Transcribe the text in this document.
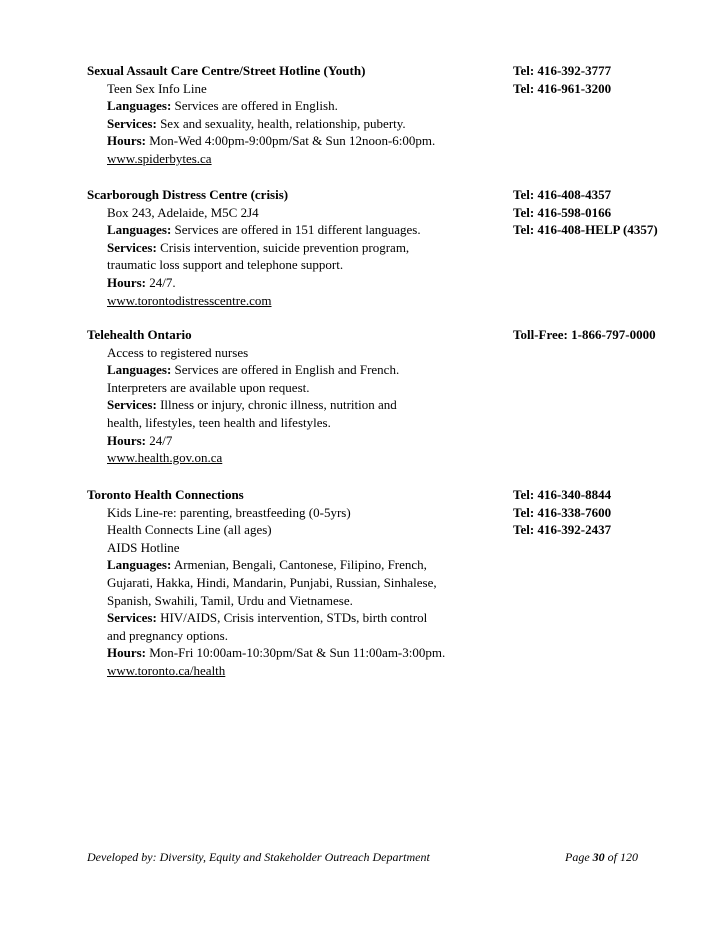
Sexual Assault Care Centre/Street Hotline (Youth)	Tel: 416-392-3777
Teen Sex Info Line	Tel: 416-961-3200
Languages: Services are offered in English.
Services: Sex and sexuality, health, relationship, puberty.
Hours: Mon-Wed 4:00pm-9:00pm/Sat & Sun 12noon-6:00pm.
www.spiderbytes.ca
Scarborough Distress Centre (crisis)	Tel: 416-408-4357
Box 243, Adelaide, M5C 2J4	Tel: 416-598-0166
Languages: Services are offered in 151 different languages.	Tel: 416-408-HELP (4357)
Services: Crisis intervention, suicide prevention program,
traumatic loss support and telephone support.
Hours: 24/7.
www.torontodistresscentre.com
Telehealth Ontario	Toll-Free: 1-866-797-0000
Access to registered nurses
Languages: Services are offered in English and French.
Interpreters are available upon request.
Services: Illness or injury, chronic illness, nutrition and
health, lifestyles, teen health and lifestyles.
Hours: 24/7
www.health.gov.on.ca
Toronto Health Connections	Tel: 416-340-8844
Kids Line-re: parenting, breastfeeding (0-5yrs)	Tel: 416-338-7600
Health Connects Line (all ages)	Tel: 416-392-2437
AIDS Hotline
Languages: Armenian, Bengali, Cantonese, Filipino, French,
Gujarati, Hakka, Hindi, Mandarin, Punjabi, Russian, Sinhalese,
Spanish, Swahili, Tamil, Urdu and Vietnamese.
Services: HIV/AIDS, Crisis intervention, STDs, birth control
and pregnancy options.
Hours: Mon-Fri 10:00am-10:30pm/Sat & Sun 11:00am-3:00pm.
www.toronto.ca/health
Developed by: Diversity, Equity and Stakeholder Outreach Department	Page 30 of 120
